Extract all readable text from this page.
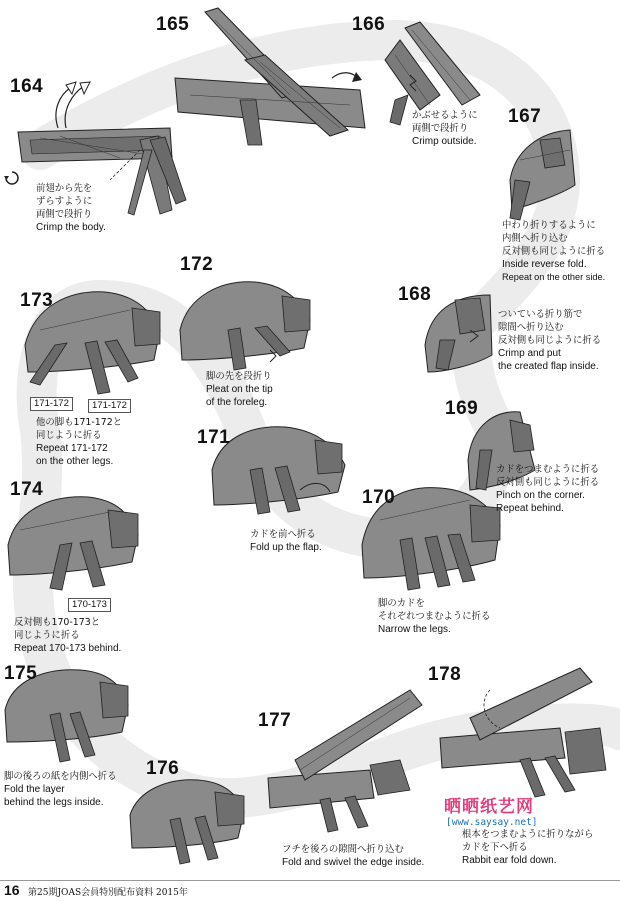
164
165	166
167
168
169
170
171
172
173
174
175
176
177
178
前翅から先を
ずらすように
両側で段折り
Crimp the body.
かぶせるように
両側で段折り
Crimp outside.
中わり折りするように
内側へ折り込む
反対側も同じように折る
Inside reverse fold.
Repeat on the other side.
ついている折り筋で
隙間へ折り込む
反対側も同じように折る
Crimp and put
the created flap inside.
カドをつまむように折る
反対側も同じように折る
Pinch on the corner.
Repeat behind.
脚のカドを
それぞれつまむように折る
Narrow the legs.
カドを前へ折る
Fold up the flap.
脚の先を段折り
Pleat on the tip
of the foreleg.
171-172	171-172
他の脚も171-172と
同じように折る
Repeat 171-172
on the other legs.
170-173
反対側も170-173と
同じように折る
Repeat 170-173 behind.
脚の後ろの紙を内側へ折る
Fold the layer
behind the legs inside.
フチを後ろの隙間へ折り込む
Fold and swivel the edge inside.
根本をつまむように折りながら
カドを下へ折る
Rabbit ear fold down.
晒晒纸艺网
[www.saysay.net]
16 第25期JOAS会員特別配布資料 2015年
